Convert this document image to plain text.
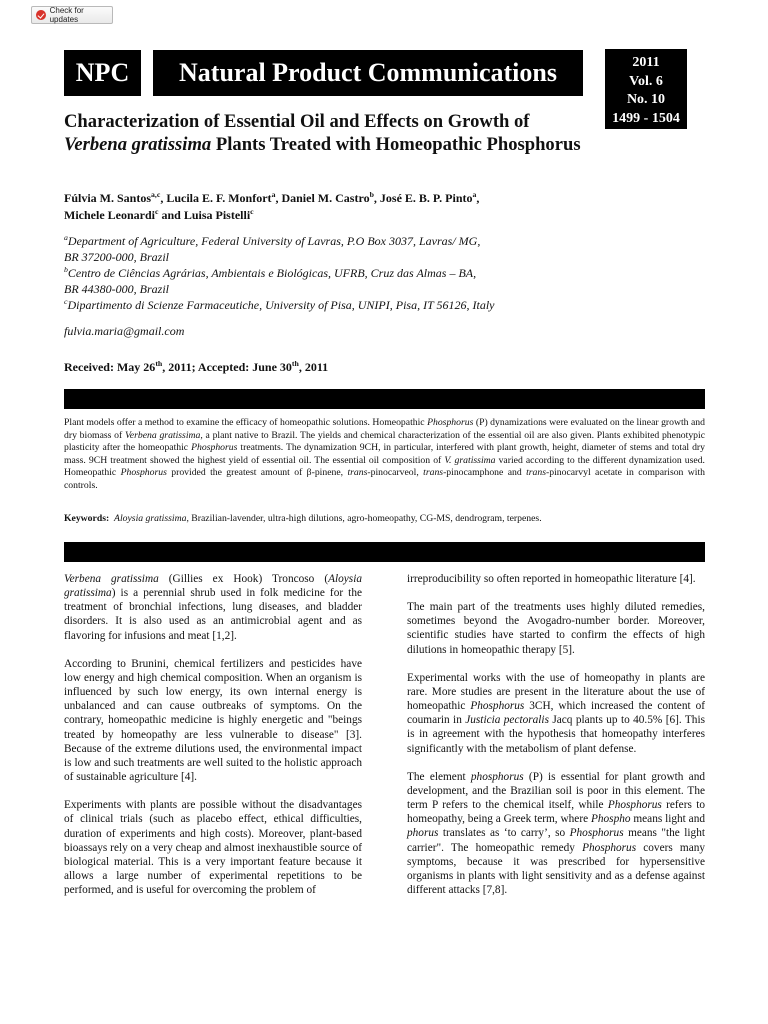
Check for updates
NPC	Natural Product Communications	2011
Vol. 6
No. 10
1499 - 1504
Characterization of Essential Oil and Effects on Growth of Verbena gratissima Plants Treated with Homeopathic Phosphorus
Fúlvia M. Santos$^{a,c}$, Lucila E. F. Monfort$^a$, Daniel M. Castro$^b$, José E. B. P. Pinto$^a$,
Michele Leonardi$^c$ and Luisa Pistelli$^c$
$^a$Department of Agriculture, Federal University of Lavras, P.O Box 3037, Lavras/ MG,
BR 37200-000, Brazil
$^b$Centro de Ciências Agrárias, Ambientais e Biológicas, UFRB, Cruz das Almas – BA,
BR 44380-000, Brazil
$^c$Dipartimento di Scienze Farmaceutiche, University of Pisa, UNIPI, Pisa, IT 56126, Italy
fulvia.maria@gmail.com
Received: May 26th, 2011; Accepted: June 30th, 2011
Plant models offer a method to examine the efficacy of homeopathic solutions. Homeopathic Phosphorus (P) dynamizations were evaluated on the linear growth and dry biomass of Verbena gratissima, a plant native to Brazil. The yields and chemical characterization of the essential oil are also given. Plants exhibited phenotypic plasticity after the homeopathic Phosphorus treatments. The dynamization 9CH, in particular, interfered with plant growth, height, diameter of stems and total dry mass. 9CH treatment showed the highest yield of essential oil. The essential oil composition of V. gratissima varied according to the different dynamization used. Homeopathic Phosphorus provided the greatest amount of β-pinene, trans-pinocarveol, trans-pinocamphone and trans-pinocarvyl acetate in comparison with controls.
Keywords: Aloysia gratissima, Brazilian-lavender, ultra-high dilutions, agro-homeopathy, CG-MS, dendrogram, terpenes.

Verbena gratissima (Gillies ex Hook) Troncoso (Aloysia gratissima) is a perennial shrub used in folk medicine for the treatment of bronchial infections, lung diseases, and bladder disorders. It is also used as an antimicrobial agent and as flavoring for infusions and meat [1,2].

According to Brunini, chemical fertilizers and pesticides have low energy and high chemical composition. When an organism is influenced by such low energy, its own internal energy is unbalanced and can cause outbreaks of symptoms. On the contrary, homeopathic medicine is highly energetic and "beings treated by homeopathy are less vulnerable to disease" [3]. Because of the extreme dilutions used, the environmental impact is low and such treatments are well suited to the holistic approach of sustainable agriculture [4].

Experiments with plants are possible without the disadvantages of clinical trials (such as placebo effect, ethical difficulties, duration of experiments and high costs). Moreover, plant-based bioassays rely on a very cheap and almost inexhaustible source of biological material. This is a very important feature because it allows a large number of experimental repetitions to be performed, and is useful for overcoming the problem of

irreproducibility so often reported in homeopathic literature [4].

The main part of the treatments uses highly diluted remedies, sometimes beyond the Avogadro-number border. Moreover, scientific studies have started to confirm the effects of high dilutions in homeopathic therapy [5].

Experimental works with the use of homeopathy in plants are rare. More studies are present in the literature about the use of homeopathic Phosphorus 3CH, which increased the content of coumarin in Justicia pectoralis Jacq plants up to 40.5% [6]. This is in agreement with the hypothesis that homeopathy interferes significantly with the metabolism of plant defense.

The element phosphorus (P) is essential for plant growth and development, and the Brazilian soil is poor in this element. The term P refers to the chemical itself, while Phosphorus refers to homeopathy, being a Greek term, where Phospho means light and phorus translates as ‘to carry’, so Phosphorus means "the light carrier". The homeopathic remedy Phosphorus covers many symptoms, because it was prescribed for hypersensitive organisms in plants with light sensitivity and as a defense against different attacks [7,8].
